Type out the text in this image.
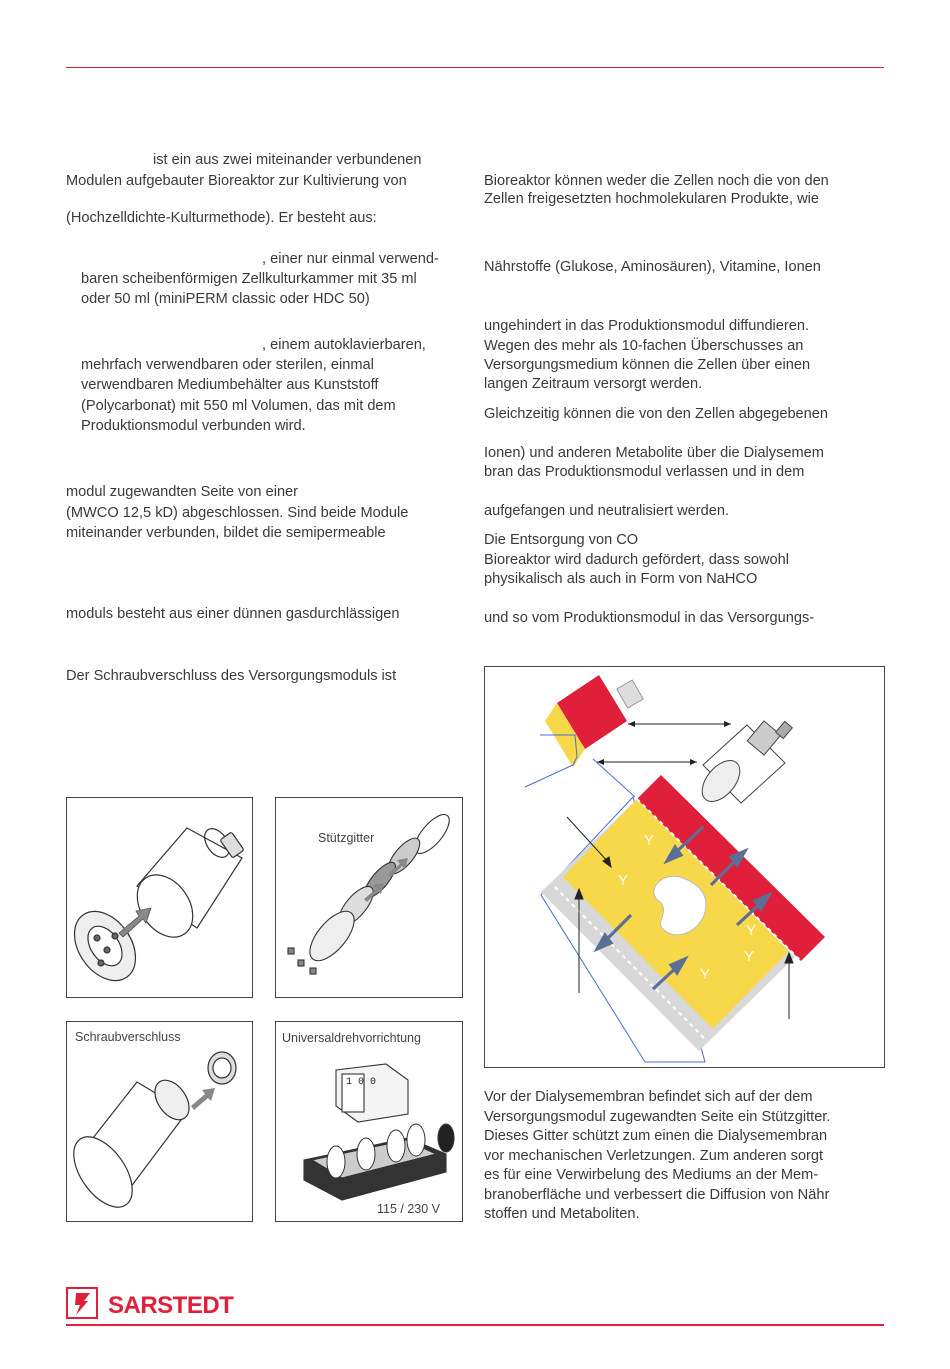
ist ein aus zwei miteinander verbundenen
Modulen aufgebauter Bioreaktor zur Kultivierung von
(Hochzelldichte-Kulturmethode). Er besteht aus:
, einer nur einmal verwend-
baren scheibenförmigen Zellkulturkammer mit 35 ml
oder 50 ml (miniPERM classic oder HDC 50)
, einem autoklavierbaren,
mehrfach verwendbaren oder sterilen, einmal
verwendbaren Mediumbehälter aus Kunststoff
(Polycarbonat) mit 550 ml Volumen, das mit dem
Produktionsmodul verbunden wird.
modul zugewandten Seite von einer
(MWCO 12,5 kD) abgeschlossen. Sind beide Module
miteinander verbunden, bildet die semipermeable
moduls besteht aus einer dünnen gasdurchlässigen
Der Schraubverschluss des Versorgungsmoduls ist
Bioreaktor können weder die Zellen noch die von den
Zellen freigesetzten hochmolekularen Produkte, wie
Nährstoffe (Glukose, Aminosäuren), Vitamine, Ionen
ungehindert in das Produktionsmodul diffundieren.
Wegen des mehr als 10-fachen Überschusses an
Versorgungsmedium können die Zellen über einen
langen Zeitraum versorgt werden.
Gleichzeitig können die von den Zellen abgegebenen
Ionen) und anderen Metabolite über die Dialysemem
bran das Produktionsmodul verlassen und in dem
aufgefangen und neutralisiert werden.
Die Entsorgung von CO
Bioreaktor wird dadurch gefördert, dass sowohl
physikalisch als auch in Form von NaHCO
und so vom Produktionsmodul in das Versorgungs-
Vor der Dialysemembran befindet sich auf der dem
Versorgungsmodul zugewandten Seite ein Stützgitter.
Dieses Gitter schützt zum einen die Dialysemembran
vor mechanischen Verletzungen. Zum anderen sorgt
es für eine Verwirbelung des Mediums an der Mem-
branoberfläche und verbessert die Diffusion von Nähr
stoffen und Metaboliten.
Stützgitter
Schraubverschluss	Universaldrehvorrichtung
1 0 0
115 / 230 V
SARSTEDT
